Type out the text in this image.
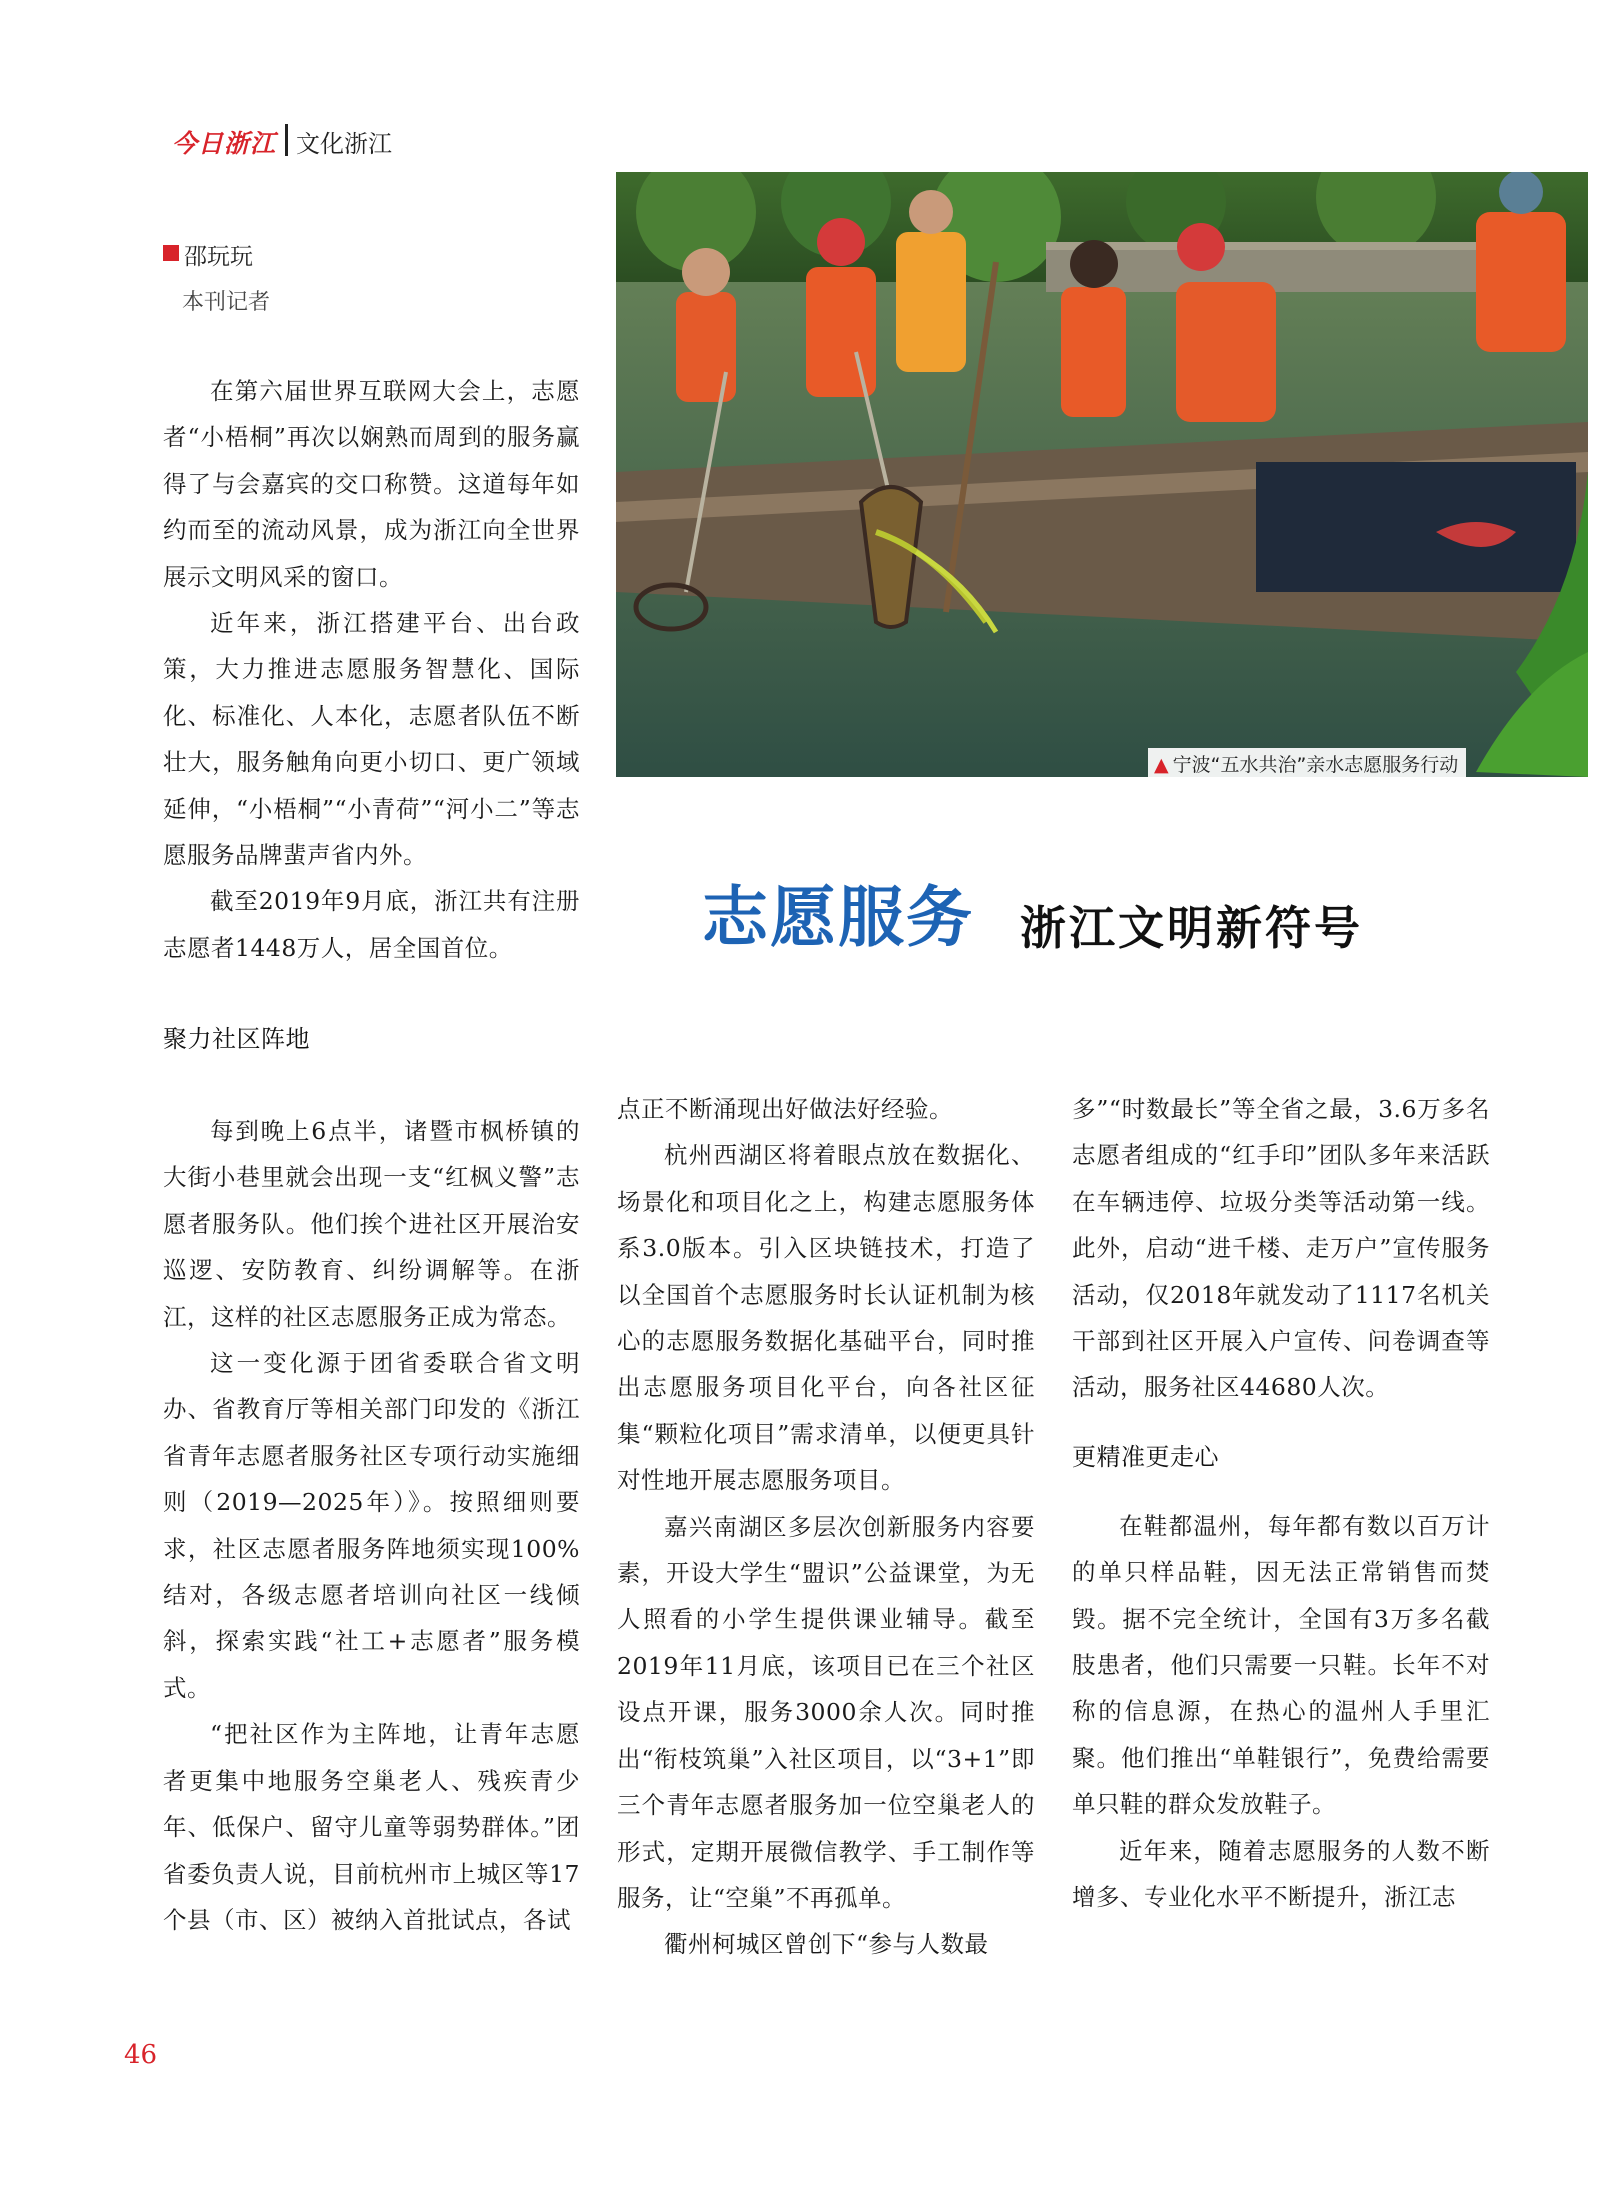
今日浙江 文化浙江
邵玩玩
本刊记者
▲ 宁波“五水共治”亲水志愿服务行动
志愿服务 浙江文明新符号

在第六届世界互联网大会上，志愿者“小梧桐”再次以娴熟而周到的服务赢得了与会嘉宾的交口称赞。这道每年如约而至的流动风景，成为浙江向全世界展示文明风采的窗口。

近年来，浙江搭建平台、出台政策，大力推进志愿服务智慧化、国际化、标准化、人本化，志愿者队伍不断壮大，服务触角向更小切口、更广领域延伸，“小梧桐”“小青荷”“河小二”等志愿服务品牌蜚声省内外。

截至2019年9月底，浙江共有注册志愿者1448万人，居全国首位。

聚力社区阵地

每到晚上6点半，诸暨市枫桥镇的大街小巷里就会出现一支“红枫义警”志愿者服务队。他们挨个进社区开展治安巡逻、安防教育、纠纷调解等。在浙江，这样的社区志愿服务正成为常态。

这一变化源于团省委联合省文明办、省教育厅等相关部门印发的《浙江省青年志愿者服务社区专项行动实施细则（2019—2025年）》。按照细则要求，社区志愿者服务阵地须实现100%结对，各级志愿者培训向社区一线倾斜，探索实践“社工+志愿者”服务模式。

“把社区作为主阵地，让青年志愿者更集中地服务空巢老人、残疾青少年、低保户、留守儿童等弱势群体。”团省委负责人说，目前杭州市上城区等17个县（市、区）被纳入首批试点，各试

点正不断涌现出好做法好经验。

杭州西湖区将着眼点放在数据化、场景化和项目化之上，构建志愿服务体系3.0版本。引入区块链技术，打造了以全国首个志愿服务时长认证机制为核心的志愿服务数据化基础平台，同时推出志愿服务项目化平台，向各社区征集“颗粒化项目”需求清单，以便更具针对性地开展志愿服务项目。

嘉兴南湖区多层次创新服务内容要素，开设大学生“盟识”公益课堂，为无人照看的小学生提供课业辅导。截至2019年11月底，该项目已在三个社区设点开课，服务3000余人次。同时推出“衔枝筑巢”入社区项目，以“3+1”即三个青年志愿者服务加一位空巢老人的形式，定期开展微信教学、手工制作等服务，让“空巢”不再孤单。

衢州柯城区曾创下“参与人数最

多”“时数最长”等全省之最，3.6万多名志愿者组成的“红手印”团队多年来活跃在车辆违停、垃圾分类等活动第一线。此外，启动“进千楼、走万户”宣传服务活动，仅2018年就发动了1117名机关干部到社区开展入户宣传、问卷调查等活动，服务社区44680人次。

更精准更走心

在鞋都温州，每年都有数以百万计的单只样品鞋，因无法正常销售而焚毁。据不完全统计，全国有3万多名截肢患者，他们只需要一只鞋。长年不对称的信息源，在热心的温州人手里汇聚。他们推出“单鞋银行”，免费给需要单只鞋的群众发放鞋子。

近年来，随着志愿服务的人数不断增多、专业化水平不断提升，浙江志

46
